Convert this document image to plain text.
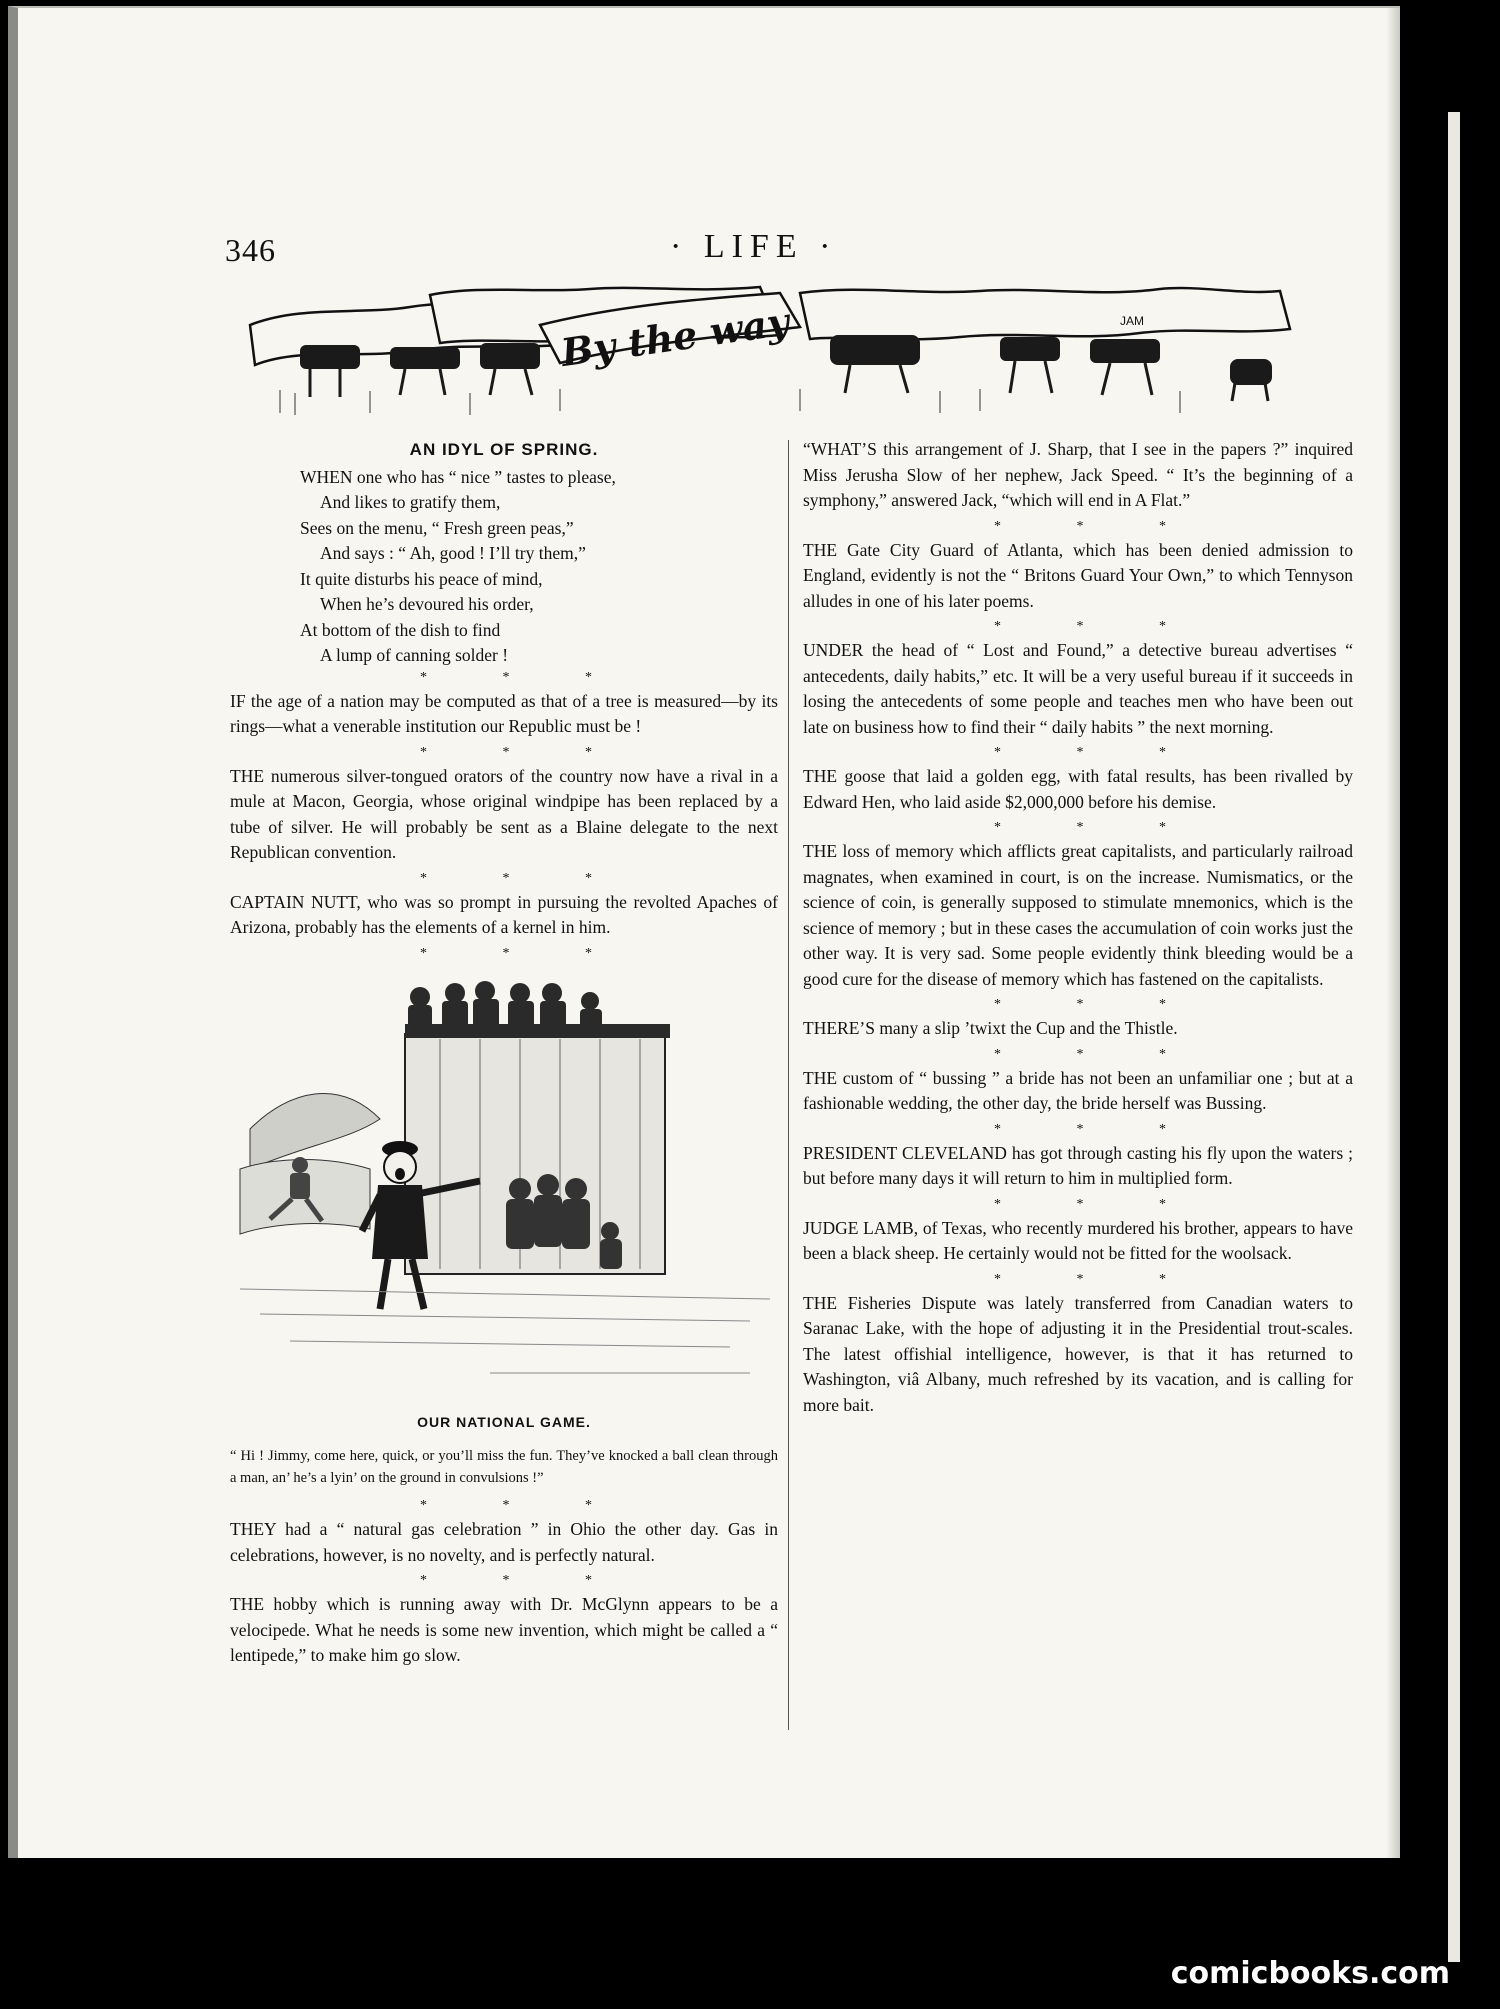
346	· LIFE ·
By the way	JAM
AN IDYL OF SPRING.
WHEN one who has “ nice ” tastes to please,
And likes to gratify them,
Sees on the menu, “ Fresh green peas,”
And says : “ Ah, good ! I’ll try them,”
It quite disturbs his peace of mind,
When he’s devoured his order,
At bottom of the dish to find
A lump of canning solder !
* * *

IF the age of a nation may be computed as that of a tree is measured—by its rings—what a venerable institution our Republic must be !

* * *

THE numerous silver-tongued orators of the country now have a rival in a mule at Macon, Georgia, whose original windpipe has been replaced by a tube of silver. He will probably be sent as a Blaine delegate to the next Republican convention.

* * *

CAPTAIN NUTT, who was so prompt in pursuing the revolted Apaches of Arizona, probably has the elements of a kernel in him.

* * *
OUR NATIONAL GAME.

“ Hi ! Jimmy, come here, quick, or you’ll miss the fun. They’ve knocked a ball clean through a man, an’ he’s a lyin’ on the ground in convulsions !”

* * *

THEY had a “ natural gas celebration ” in Ohio the other day. Gas in celebrations, however, is no novelty, and is perfectly natural.

* * *

THE hobby which is running away with Dr. McGlynn appears to be a velocipede. What he needs is some new invention, which might be called a “ lentipede,” to make him go slow.

“WHAT’S this arrangement of J. Sharp, that I see in the papers ?” inquired Miss Jerusha Slow of her nephew, Jack Speed. “ It’s the beginning of a symphony,” answered Jack, “which will end in A Flat.”

* * *

THE Gate City Guard of Atlanta, which has been denied admission to England, evidently is not the “ Britons Guard Your Own,” to which Tennyson alludes in one of his later poems.

* * *

UNDER the head of “ Lost and Found,” a detective bureau advertises “ antecedents, daily habits,” etc. It will be a very useful bureau if it succeeds in losing the antecedents of some people and teaches men who have been out late on business how to find their “ daily habits ” the next morning.

* * *

THE goose that laid a golden egg, with fatal results, has been rivalled by Edward Hen, who laid aside $2,000,000 before his demise.

* * *

THE loss of memory which afflicts great capitalists, and particularly railroad magnates, when examined in court, is on the increase. Numismatics, or the science of coin, is generally supposed to stimulate mnemonics, which is the science of memory ; but in these cases the accumulation of coin works just the other way. It is very sad. Some people evidently think bleeding would be a good cure for the disease of memory which has fastened on the capitalists.

* * *

THERE’S many a slip ’twixt the Cup and the Thistle.

* * *

THE custom of “ bussing ” a bride has not been an unfamiliar one ; but at a fashionable wedding, the other day, the bride herself was Bussing.

* * *

PRESIDENT CLEVELAND has got through casting his fly upon the waters ; but before many days it will return to him in multiplied form.

* * *

JUDGE LAMB, of Texas, who recently murdered his brother, appears to have been a black sheep. He certainly would not be fitted for the woolsack.

* * *

THE Fisheries Dispute was lately transferred from Canadian waters to Saranac Lake, with the hope of adjusting it in the Presidential trout-scales. The latest offishial intelligence, however, is that it has returned to Washington, viâ Albany, much refreshed by its vacation, and is calling for more bait.

comicbooks.com
